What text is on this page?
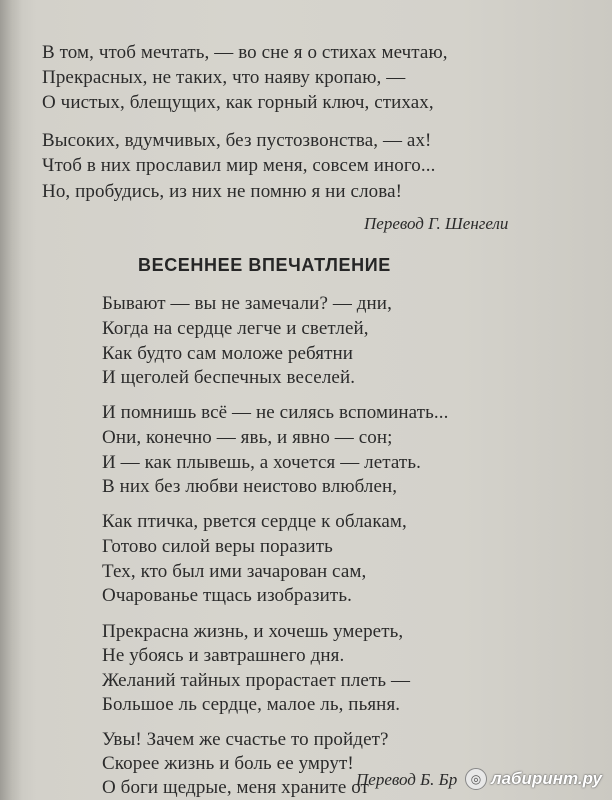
В том, чтоб мечтать, — во сне я о стихах мечтаю,
Прекрасных, не таких, что наяву кропаю, —
О чистых, блещущих, как горный ключ, стихах,
Высоких, вдумчивых, без пустозвонства, — ах!
Чтоб в них прославил мир меня, совсем иного...
Но, пробудись, из них не помню я ни слова!
Перевод Г. Шенгели
ВЕСЕННЕЕ ВПЕЧАТЛЕНИЕ
Бывают — вы не замечали? — дни,
Когда на сердце легче и светлей,
Как будто сам моложе ребятни
И щеголей беспечных веселей.
И помнишь всё — не силясь вспоминать...
Они, конечно — явь, и явно — сон;
И — как плывешь, а хочется — летать.
В них без любви неистово влюблен,
Как птичка, рвется сердце к облакам,
Готово силой веры поразить
Тех, кто был ими зачарован сам,
Очарованье тщась изобразить.
Прекрасна жизнь, и хочешь умереть,
Не убоясь и завтрашнего дня.
Желаний тайных прорастает плеть —
Большое ль сердце, малое ль, пьяня.
Увы! Зачем же счастье то пройдет?
Скорее жизнь и боль ее умрут!
О боги щедрые, меня храните от
Перевод Б. Бр	◎ лабиринт.ру
